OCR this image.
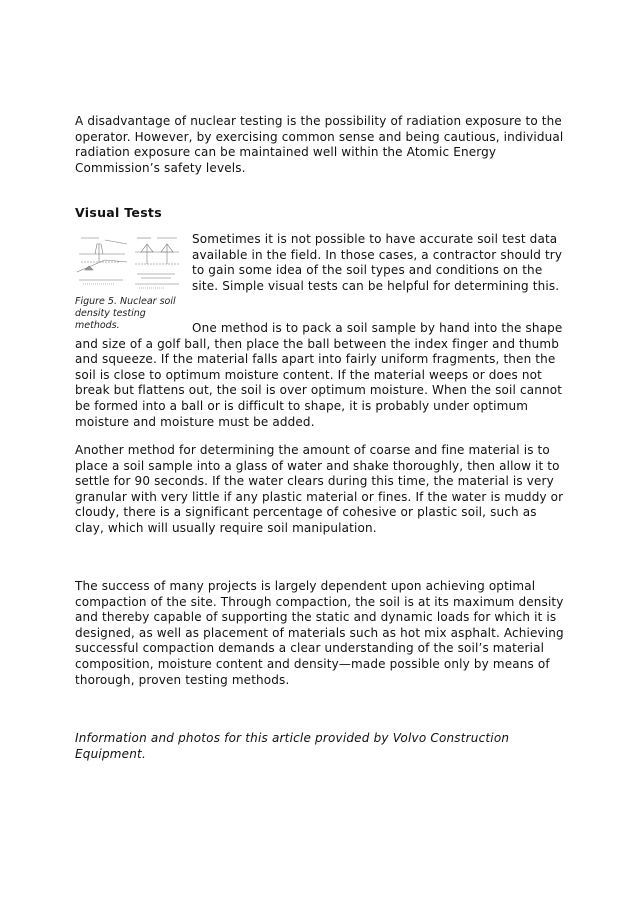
A disadvantage of nuclear testing is the possibility of radiation exposure to the operator. However, by exercising common sense and being cautious, individual radiation exposure can be maintained well within the Atomic Energy Commission’s safety levels.

Visual Tests

Figure 5. Nuclear soil density testing methods.

Sometimes it is not possible to have accurate soil test data available in the field. In those cases, a contractor should try to gain some idea of the soil types and conditions on the site. Simple visual tests can be helpful for determining this.

One method is to pack a soil sample by hand into the shape and size of a golf ball, then place the ball between the index finger and thumb and squeeze. If the material falls apart into fairly uniform fragments, then the soil is close to optimum moisture content. If the material weeps or does not break but flattens out, the soil is over optimum moisture. When the soil cannot be formed into a ball or is difficult to shape, it is probably under optimum moisture and moisture must be added.

Another method for determining the amount of coarse and fine material is to place a soil sample into a glass of water and shake thoroughly, then allow it to settle for 90 seconds. If the water clears during this time, the material is very granular with very little if any plastic material or fines. If the water is muddy or cloudy, there is a significant percentage of cohesive or plastic soil, such as clay, which will usually require soil manipulation.

The success of many projects is largely dependent upon achieving optimal compaction of the site. Through compaction, the soil is at its maximum density and thereby capable of supporting the static and dynamic loads for which it is designed, as well as placement of materials such as hot mix asphalt. Achieving successful compaction demands a clear understanding of the soil’s material composition, moisture content and density—made possible only by means of thorough, proven testing methods.

Information and photos for this article provided by Volvo Construction Equipment.
